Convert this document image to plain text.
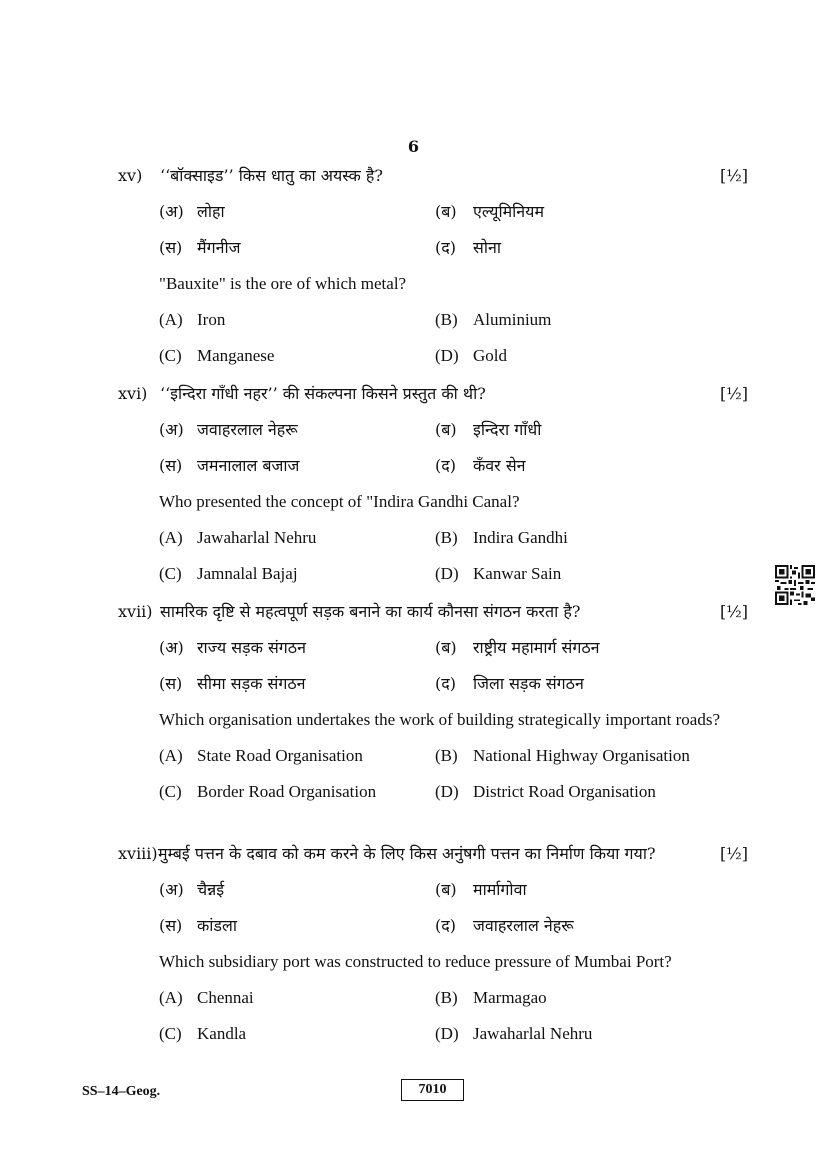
6
xv) ‘‘बॉक्साइड’’ किस धातु का अयस्क है?	[½]
(अ) लोहा	(ब) एल्यूमिनियम
(स) मैंगनीज	(द) सोना
"Bauxite" is the ore of which metal?
(A) Iron	(B) Aluminium
(C) Manganese	(D) Gold
xvi) ‘‘इन्दिरा गाँधी नहर’’ की संकल्पना किसने प्रस्तुत की थी?	[½]
(अ) जवाहरलाल नेहरू	(ब) इन्दिरा गाँधी
(स) जमनालाल बजाज	(द) कँवर सेन
Who presented the concept of "Indira Gandhi Canal?
(A) Jawaharlal Nehru	(B) Indira Gandhi
(C) Jamnalal Bajaj	(D) Kanwar Sain
xvii) सामरिक दृष्टि से महत्वपूर्ण सड़क बनाने का कार्य कौनसा संगठन करता है?	[½]
(अ) राज्य सड़क संगठन	(ब) राष्ट्रीय महामार्ग संगठन
(स) सीमा सड़क संगठन	(द) जिला सड़क संगठन
Which organisation undertakes the work of building strategically important roads?
(A) State Road Organisation	(B) National Highway Organisation
(C) Border Road Organisation	(D) District Road Organisation
xviii) मुम्बई पत्तन के दबाव को कम करने के लिए किस अनुंषगी पत्तन का निर्माण किया गया?	[½]
(अ) चैन्नई	(ब) मार्मागोवा
(स) कांडला	(द) जवाहरलाल नेहरू
Which subsidiary port was constructed to reduce pressure of Mumbai Port?
(A) Chennai	(B) Marmagao
(C) Kandla	(D) Jawaharlal Nehru
SS–14–Geog.	7010
